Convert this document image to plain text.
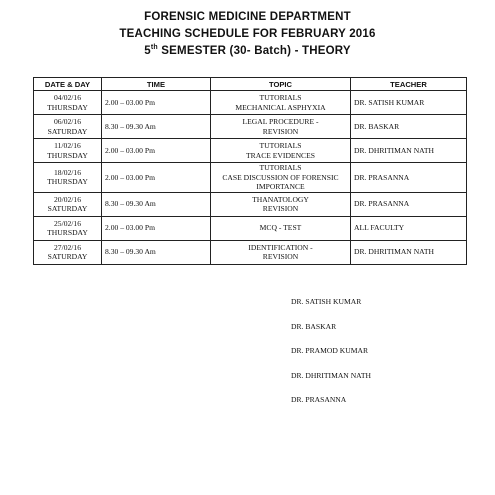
FORENSIC MEDICINE DEPARTMENT
TEACHING SCHEDULE FOR FEBRUARY 2016
5th SEMESTER (30- Batch) - THEORY
DATE & DAY	TIME	TOPIC	TEACHER

04/02/16
THURSDAY	2.00 – 03.00 Pm	TUTORIALS
MECHANICAL ASPHYXIA	DR. SATISH KUMAR

06/02/16
SATURDAY	8.30 – 09.30 Am	LEGAL PROCEDURE -
REVISION	DR. BASKAR

11/02/16
THURSDAY	2.00 – 03.00 Pm	TUTORIALS
TRACE EVIDENCES	DR. DHRITIMAN NATH

18/02/16
THURSDAY	2.00 – 03.00 Pm	TUTORIALS
CASE DISCUSSION OF FORENSIC
IMPORTANCE	DR. PRASANNA

20/02/16
SATURDAY	8.30 – 09.30 Am	THANATOLOGY
REVISION	DR. PRASANNA

25/02/16
THURSDAY	2.00 – 03.00 Pm	MCQ - TEST	ALL FACULTY

27/02/16
SATURDAY	8.30 – 09.30 Am	IDENTIFICATION -
REVISION	DR. DHRITIMAN NATH
DR. SATISH KUMAR
DR. BASKAR
DR. PRAMOD KUMAR
DR. DHRITIMAN NATH
DR. PRASANNA
